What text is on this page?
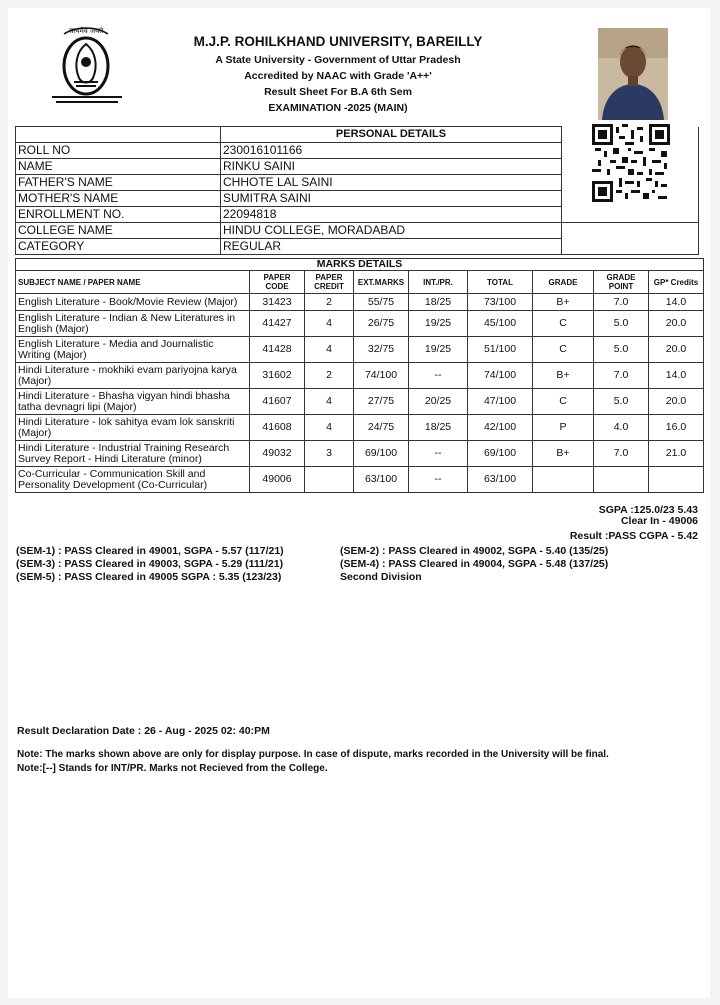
सत्यमेव जयते
M.J.P. ROHILKHAND UNIVERSITY, BAREILLY
A State University - Government of Uttar Pradesh
Accredited by NAAC with Grade 'A++'
Result Sheet For B.A 6th Sem
EXAMINATION -2025 (MAIN)
	PERSONAL DETAILS	
ROLL NO	230016101166	
NAME	RINKU SAINI	
FATHER'S NAME	CHHOTE LAL SAINI	
MOTHER'S NAME	SUMITRA SAINI	
ENROLLMENT NO.	22094818	
COLLEGE NAME	HINDU COLLEGE, MORADABAD	
CATEGORY	REGULAR	
MARKS DETAILS								
SUBJECT NAME / PAPER NAME	PAPER CODE	PAPER CREDIT	EXT.MARKS	INT./PR.	TOTAL	GRADE	GRADE POINT	GP* Credits
English Literature - Book/Movie Review (Major)	31423	2	55/75	18/25	73/100	B+	7.0	14.0
English Literature - Indian & New Literatures in English (Major)	41427	4	26/75	19/25	45/100	C	5.0	20.0
English Literature - Media and Journalistic Writing (Major)	41428	4	32/75	19/25	51/100	C	5.0	20.0
Hindi Literature - mokhiki evam pariyojna karya (Major)	31602	2	74/100	--	74/100	B+	7.0	14.0
Hindi Literature - Bhasha vigyan hindi bhasha tatha devnagri lipi (Major)	41607	4	27/75	20/25	47/100	C	5.0	20.0
Hindi Literature - lok sahitya evam lok sanskriti (Major)	41608	4	24/75	18/25	42/100	P	4.0	16.0
Hindi Literature - Industrial Training Research Survey Report - Hindi Literature (minor)	49032	3	69/100	--	69/100	B+	7.0	21.0
Co-Curricular - Communication Skill and Personality Development (Co-Curricular)	49006		63/100	--	63/100			
SGPA :125.0/23 5.43
Clear In - 49006
Result :PASS CGPA - 5.42
(SEM-1) : PASS Cleared in 49001, SGPA - 5.57 (117/21)
(SEM-3) : PASS Cleared in 49003, SGPA - 5.29 (111/21)
(SEM-5) : PASS Cleared in 49005 SGPA : 5.35 (123/23)
(SEM-2) : PASS Cleared in 49002, SGPA - 5.40 (135/25)
(SEM-4) : PASS Cleared in 49004, SGPA - 5.48 (137/25)
Second Division
Result Declaration Date : 26 - Aug - 2025 02: 40:PM
Note: The marks shown above are only for display purpose. In case of dispute, marks recorded in the University will be final.
Note:[--] Stands for INT/PR. Marks not Recieved from the College.
